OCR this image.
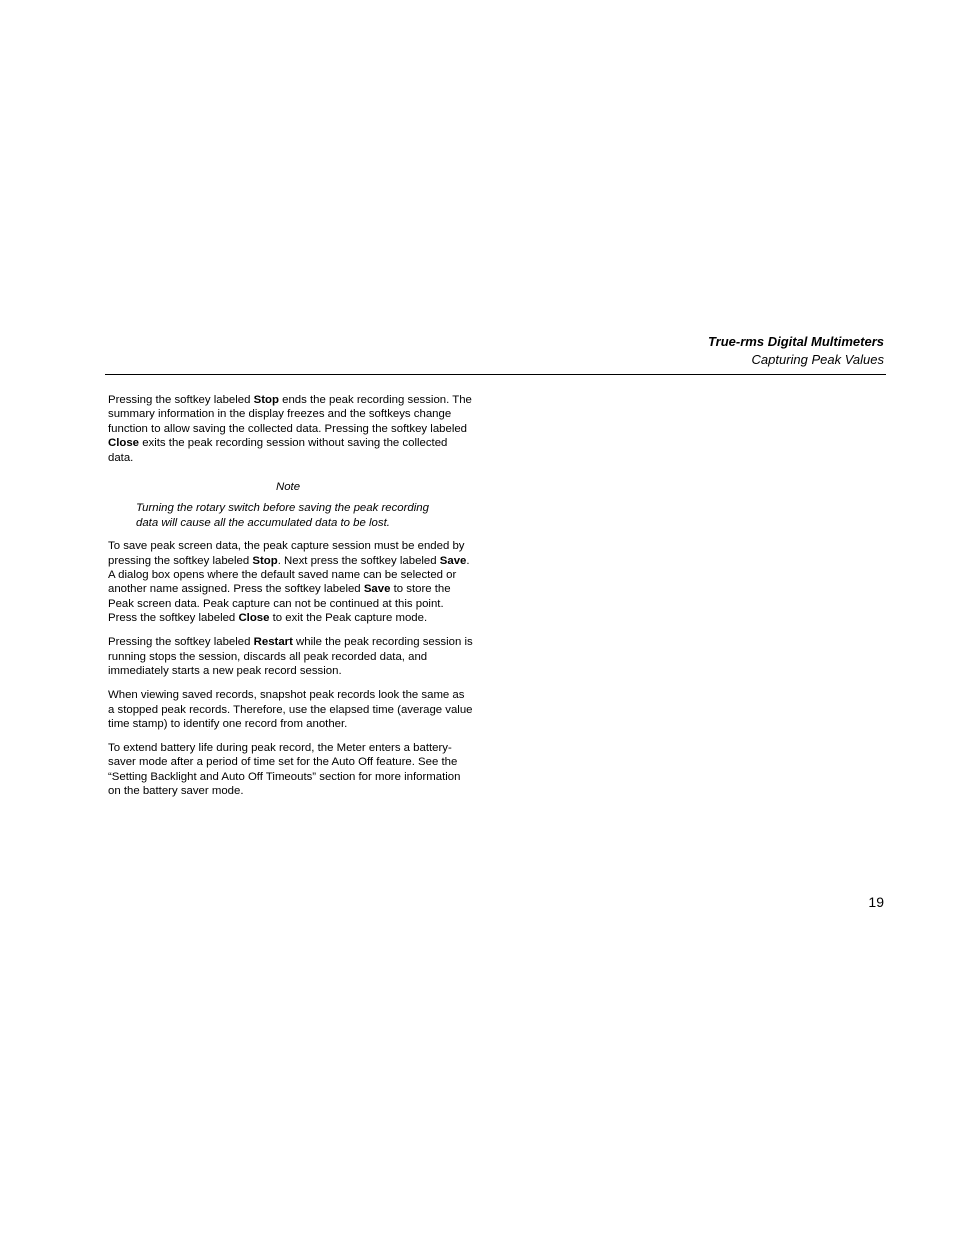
True-rms Digital Multimeters
Capturing Peak Values

Pressing the softkey labeled Stop ends the peak recording session. The summary information in the display freezes and the softkeys change function to allow saving the collected data. Pressing the softkey labeled Close exits the peak recording session without saving the collected data.

Note
Turning the rotary switch before saving the peak recording data will cause all the accumulated data to be lost.

To save peak screen data, the peak capture session must be ended by pressing the softkey labeled Stop. Next press the softkey labeled Save. A dialog box opens where the default saved name can be selected or another name assigned. Press the softkey labeled Save to store the Peak screen data. Peak capture can not be continued at this point. Press the softkey labeled Close to exit the Peak capture mode.

Pressing the softkey labeled Restart while the peak recording session is running stops the session, discards all peak recorded data, and immediately starts a new peak record session.

When viewing saved records, snapshot peak records look the same as a stopped peak records. Therefore, use the elapsed time (average value time stamp) to identify one record from another.

To extend battery life during peak record, the Meter enters a battery-saver mode after a period of time set for the Auto Off feature. See the “Setting Backlight and Auto Off Timeouts” section for more information on the battery saver mode.

19
